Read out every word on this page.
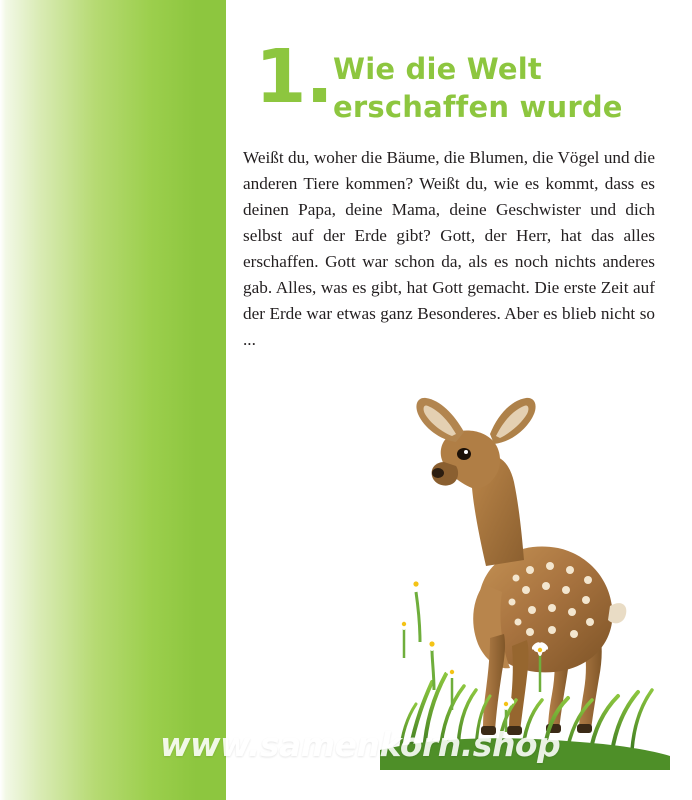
1. Wie die Welt
erschaffen wurde
Weißt du, woher die Bäume, die Blumen, die Vögel und die anderen Tiere kommen? Weißt du, wie es kommt, dass es deinen Papa, deine Mama, deine Geschwister und dich selbst auf der Erde gibt? Gott, der Herr, hat das alles erschaffen. Gott war schon da, als es noch nichts anderes gab. Alles, was es gibt, hat Gott gemacht. Die erste Zeit auf der Erde war etwas ganz Besonderes. Aber es blieb nicht so ...
www.samenkorn.shop
